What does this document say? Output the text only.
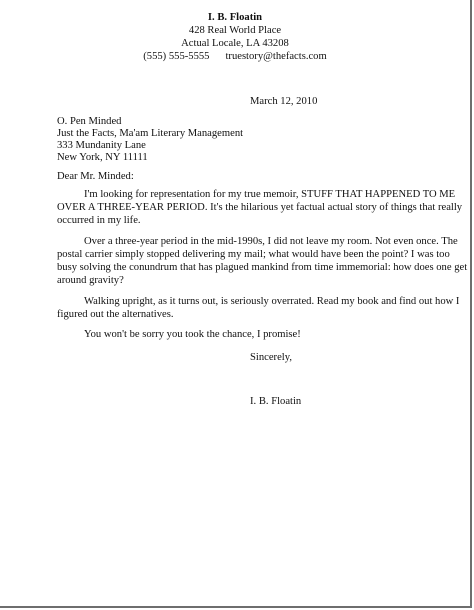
I. B. Floatin
428 Real World Place
Actual Locale, LA 43208
(555) 555-5555 truestory@thefacts.com
March 12, 2010
O. Pen Minded
Just the Facts, Ma'am Literary Management
333 Mundanity Lane
New York, NY 11111
Dear Mr. Minded:
I'm looking for representation for my true memoir, STUFF THAT HAPPENED TO ME
OVER A THREE-YEAR PERIOD. It's the hilarious yet factual actual story of things that really
occurred in my life.
Over a three-year period in the mid-1990s, I did not leave my room. Not even once. The
postal carrier simply stopped delivering my mail; what would have been the point? I was too
busy solving the conundrum that has plagued mankind from time immemorial: how does one get
around gravity?
Walking upright, as it turns out, is seriously overrated. Read my book and find out how I
figured out the alternatives.
You won't be sorry you took the chance, I promise!
Sincerely,
I. B. Floatin
